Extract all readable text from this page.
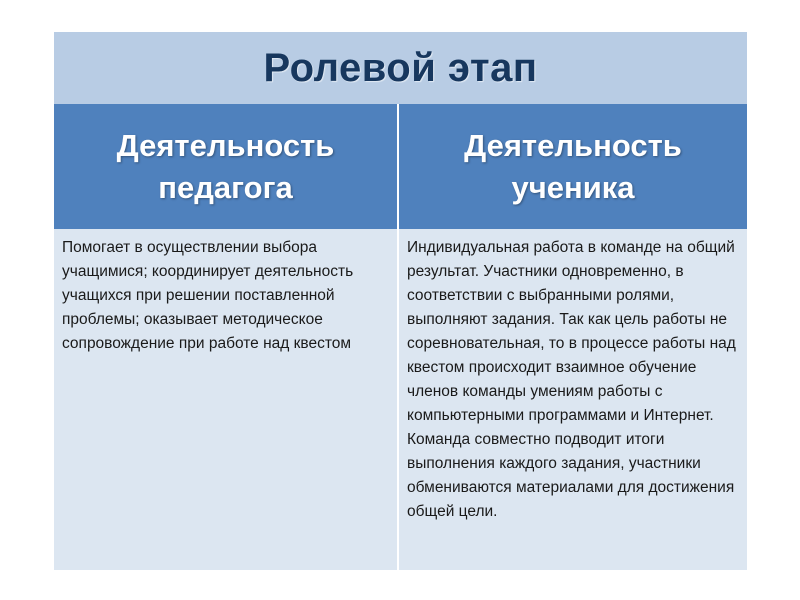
Ролевой этап
Деятельность педагога
Деятельность ученика
Помогает в осуществлении выбора учащимися; координирует деятельность учащихся при решении поставленной проблемы; оказывает методическое сопровождение при работе над квестом
Индивидуальная работа в команде на общий результат. Участники одновременно, в соответствии с выбранными ролями, выполняют задания. Так как цель работы не соревновательная, то в процессе работы над квестом происходит взаимное обучение членов команды умениям работы с компьютерными программами и Интернет. Команда совместно подводит итоги выполнения каждого задания, участники обмениваются материалами для достижения общей цели.
